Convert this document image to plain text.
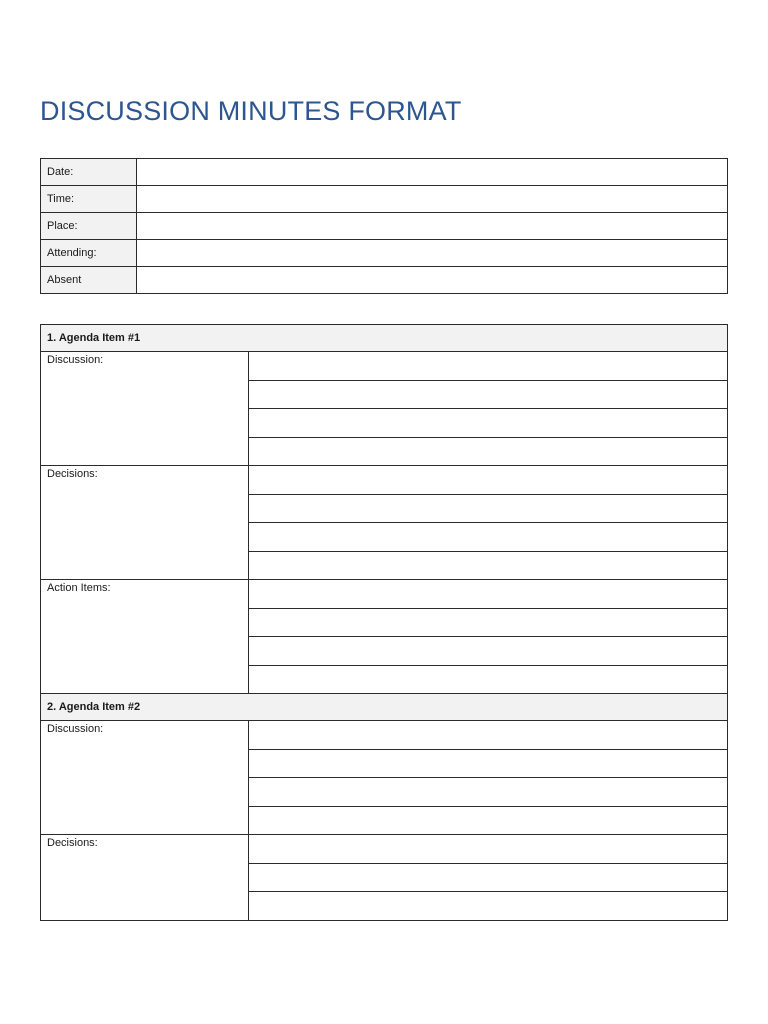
DISCUSSION MINUTES FORMAT
Date:	
Time:	
Place:	
Attending:	
Absent	
1. Agenda Item #1	
Discussion:	

Decisions:	

Action Items:	

2. Agenda Item #2	
Discussion:	

Decisions:	
